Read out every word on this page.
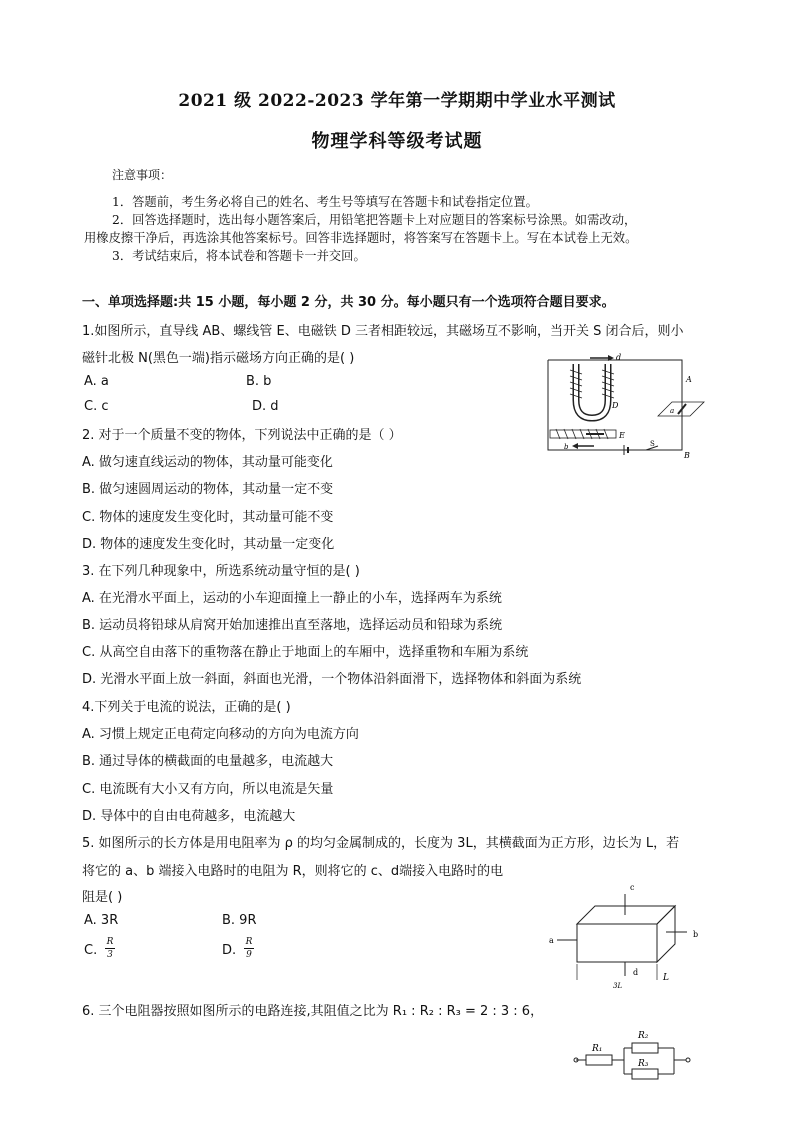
2021 级 2022-2023 学年第一学期期中学业水平测试
物理学科等级考试题
注意事项：
1．答题前，考生务必将自己的姓名、考生号等填写在答题卡和试卷指定位置。
2．回答选择题时，选出每小题答案后，用铅笔把答题卡上对应题目的答案标号涂黑。如需改动，
用橡皮擦干净后，再选涂其他答案标号。回答非选择题时，将答案写在答题卡上。写在本试卷上无效。
3．考试结束后，将本试卷和答题卡一并交回。
一、单项选择题:共 15 小题，每小题 2 分，共 30 分。每小题只有一个选项符合题目要求。
1.如图所示，直导线 AB、螺线管 E、电磁铁 D 三者相距较远，其磁场互不影响，当开关 S 闭合后，则小
磁针北极 N(黑色一端)指示磁场方向正确的是( )
A. a	B. b
C. c	D. d
d
A
D
a
E
b	S
B
2. 对于一个质量不变的物体，下列说法中正确的是（ ）
A. 做匀速直线运动的物体，其动量可能变化
B. 做匀速圆周运动的物体，其动量一定不变
C. 物体的速度发生变化时，其动量可能不变
D. 物体的速度发生变化时，其动量一定变化
3. 在下列几种现象中，所选系统动量守恒的是( )
A. 在光滑水平面上，运动的小车迎面撞上一静止的小车，选择两车为系统
B. 运动员将铅球从肩窝开始加速推出直至落地，选择运动员和铅球为系统
C. 从高空自由落下的重物落在静止于地面上的车厢中，选择重物和车厢为系统
D. 光滑水平面上放一斜面，斜面也光滑，一个物体沿斜面滑下，选择物体和斜面为系统
4.下列关于电流的说法，正确的是( )
A. 习惯上规定正电荷定向移动的方向为电流方向
B. 通过导体的横截面的电量越多，电流越大
C. 电流既有大小又有方向，所以电流是矢量
D. 导体中的自由电荷越多，电流越大
5. 如图所示的长方体是用电阻率为 ρ 的均匀金属制成的，长度为 3L，其横截面为正方形，边长为 L，若
将它的 a、b 端接入电路时的电阻为 R，则将它的 c、d端接入电路时的电
阻是( )
A. 3R	B. 9R
C.
R
3	D.
R
9
a
b
c
d
3L
L
6. 三个电阻器按照如图所示的电路连接,其阻值之比为 R₁ : R₂ : R₃ = 2 : 3 : 6，
R₁
R₂
R₃
